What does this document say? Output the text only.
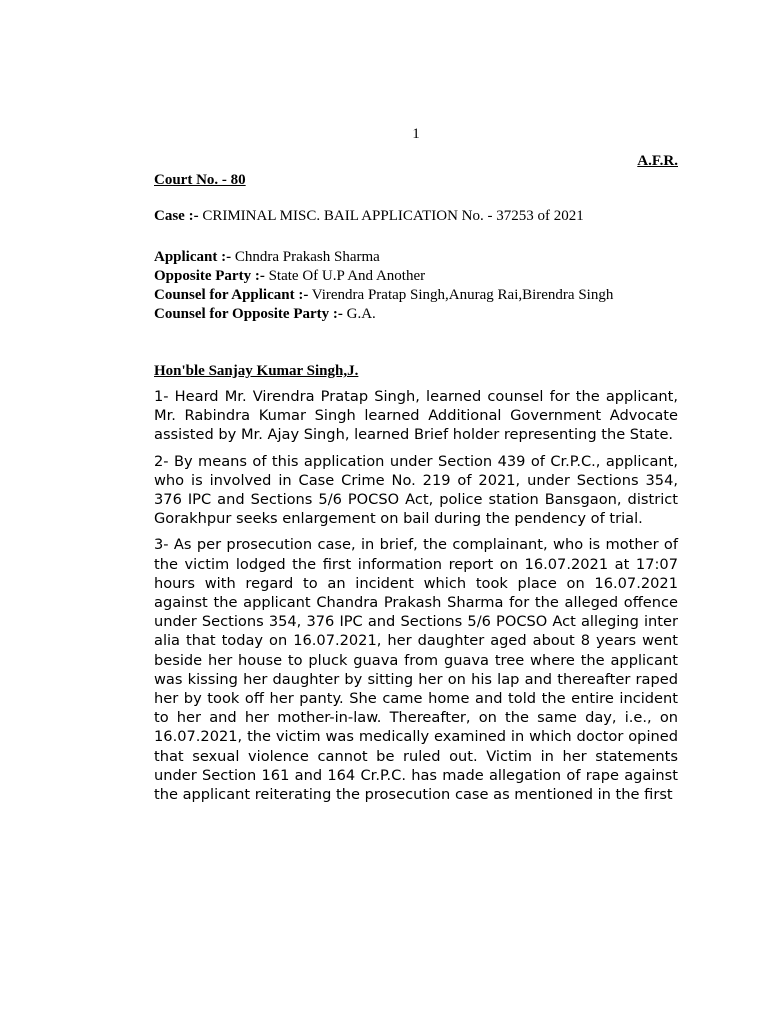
1
A.F.R.
Court No. - 80
Case :- CRIMINAL MISC. BAIL APPLICATION No. - 37253 of 2021
Applicant :- Chndra Prakash Sharma
Opposite Party :- State Of U.P And Another
Counsel for Applicant :- Virendra Pratap Singh,Anurag Rai,Birendra Singh
Counsel for Opposite Party :- G.A.
Hon'ble Sanjay Kumar Singh,J.

1- Heard Mr. Virendra Pratap Singh, learned counsel for the applicant, Mr. Rabindra Kumar Singh learned Additional Government Advocate assisted by Mr. Ajay Singh, learned Brief holder representing the State.

2- By means of this application under Section 439 of Cr.P.C., applicant, who is involved in Case Crime No. 219 of 2021, under Sections 354, 376 IPC and Sections 5/6 POCSO Act, police station Bansgaon, district Gorakhpur seeks enlargement on bail during the pendency of trial.

3- As per prosecution case, in brief, the complainant, who is mother of the victim lodged the first information report on 16.07.2021 at 17:07 hours with regard to an incident which took place on 16.07.2021 against the applicant Chandra Prakash Sharma for the alleged offence under Sections 354, 376 IPC and Sections 5/6 POCSO Act alleging inter alia that today on 16.07.2021, her daughter aged about 8 years went beside her house to pluck guava from guava tree where the applicant was kissing her daughter by sitting her on his lap and thereafter raped her by took off her panty. She came home and told the entire incident to her and her mother-in-law. Thereafter, on the same day, i.e., on 16.07.2021, the victim was medically examined in which doctor opined that sexual violence cannot be ruled out. Victim in her statements under Section 161 and 164 Cr.P.C. has made allegation of rape against the applicant reiterating the prosecution case as mentioned in the first
